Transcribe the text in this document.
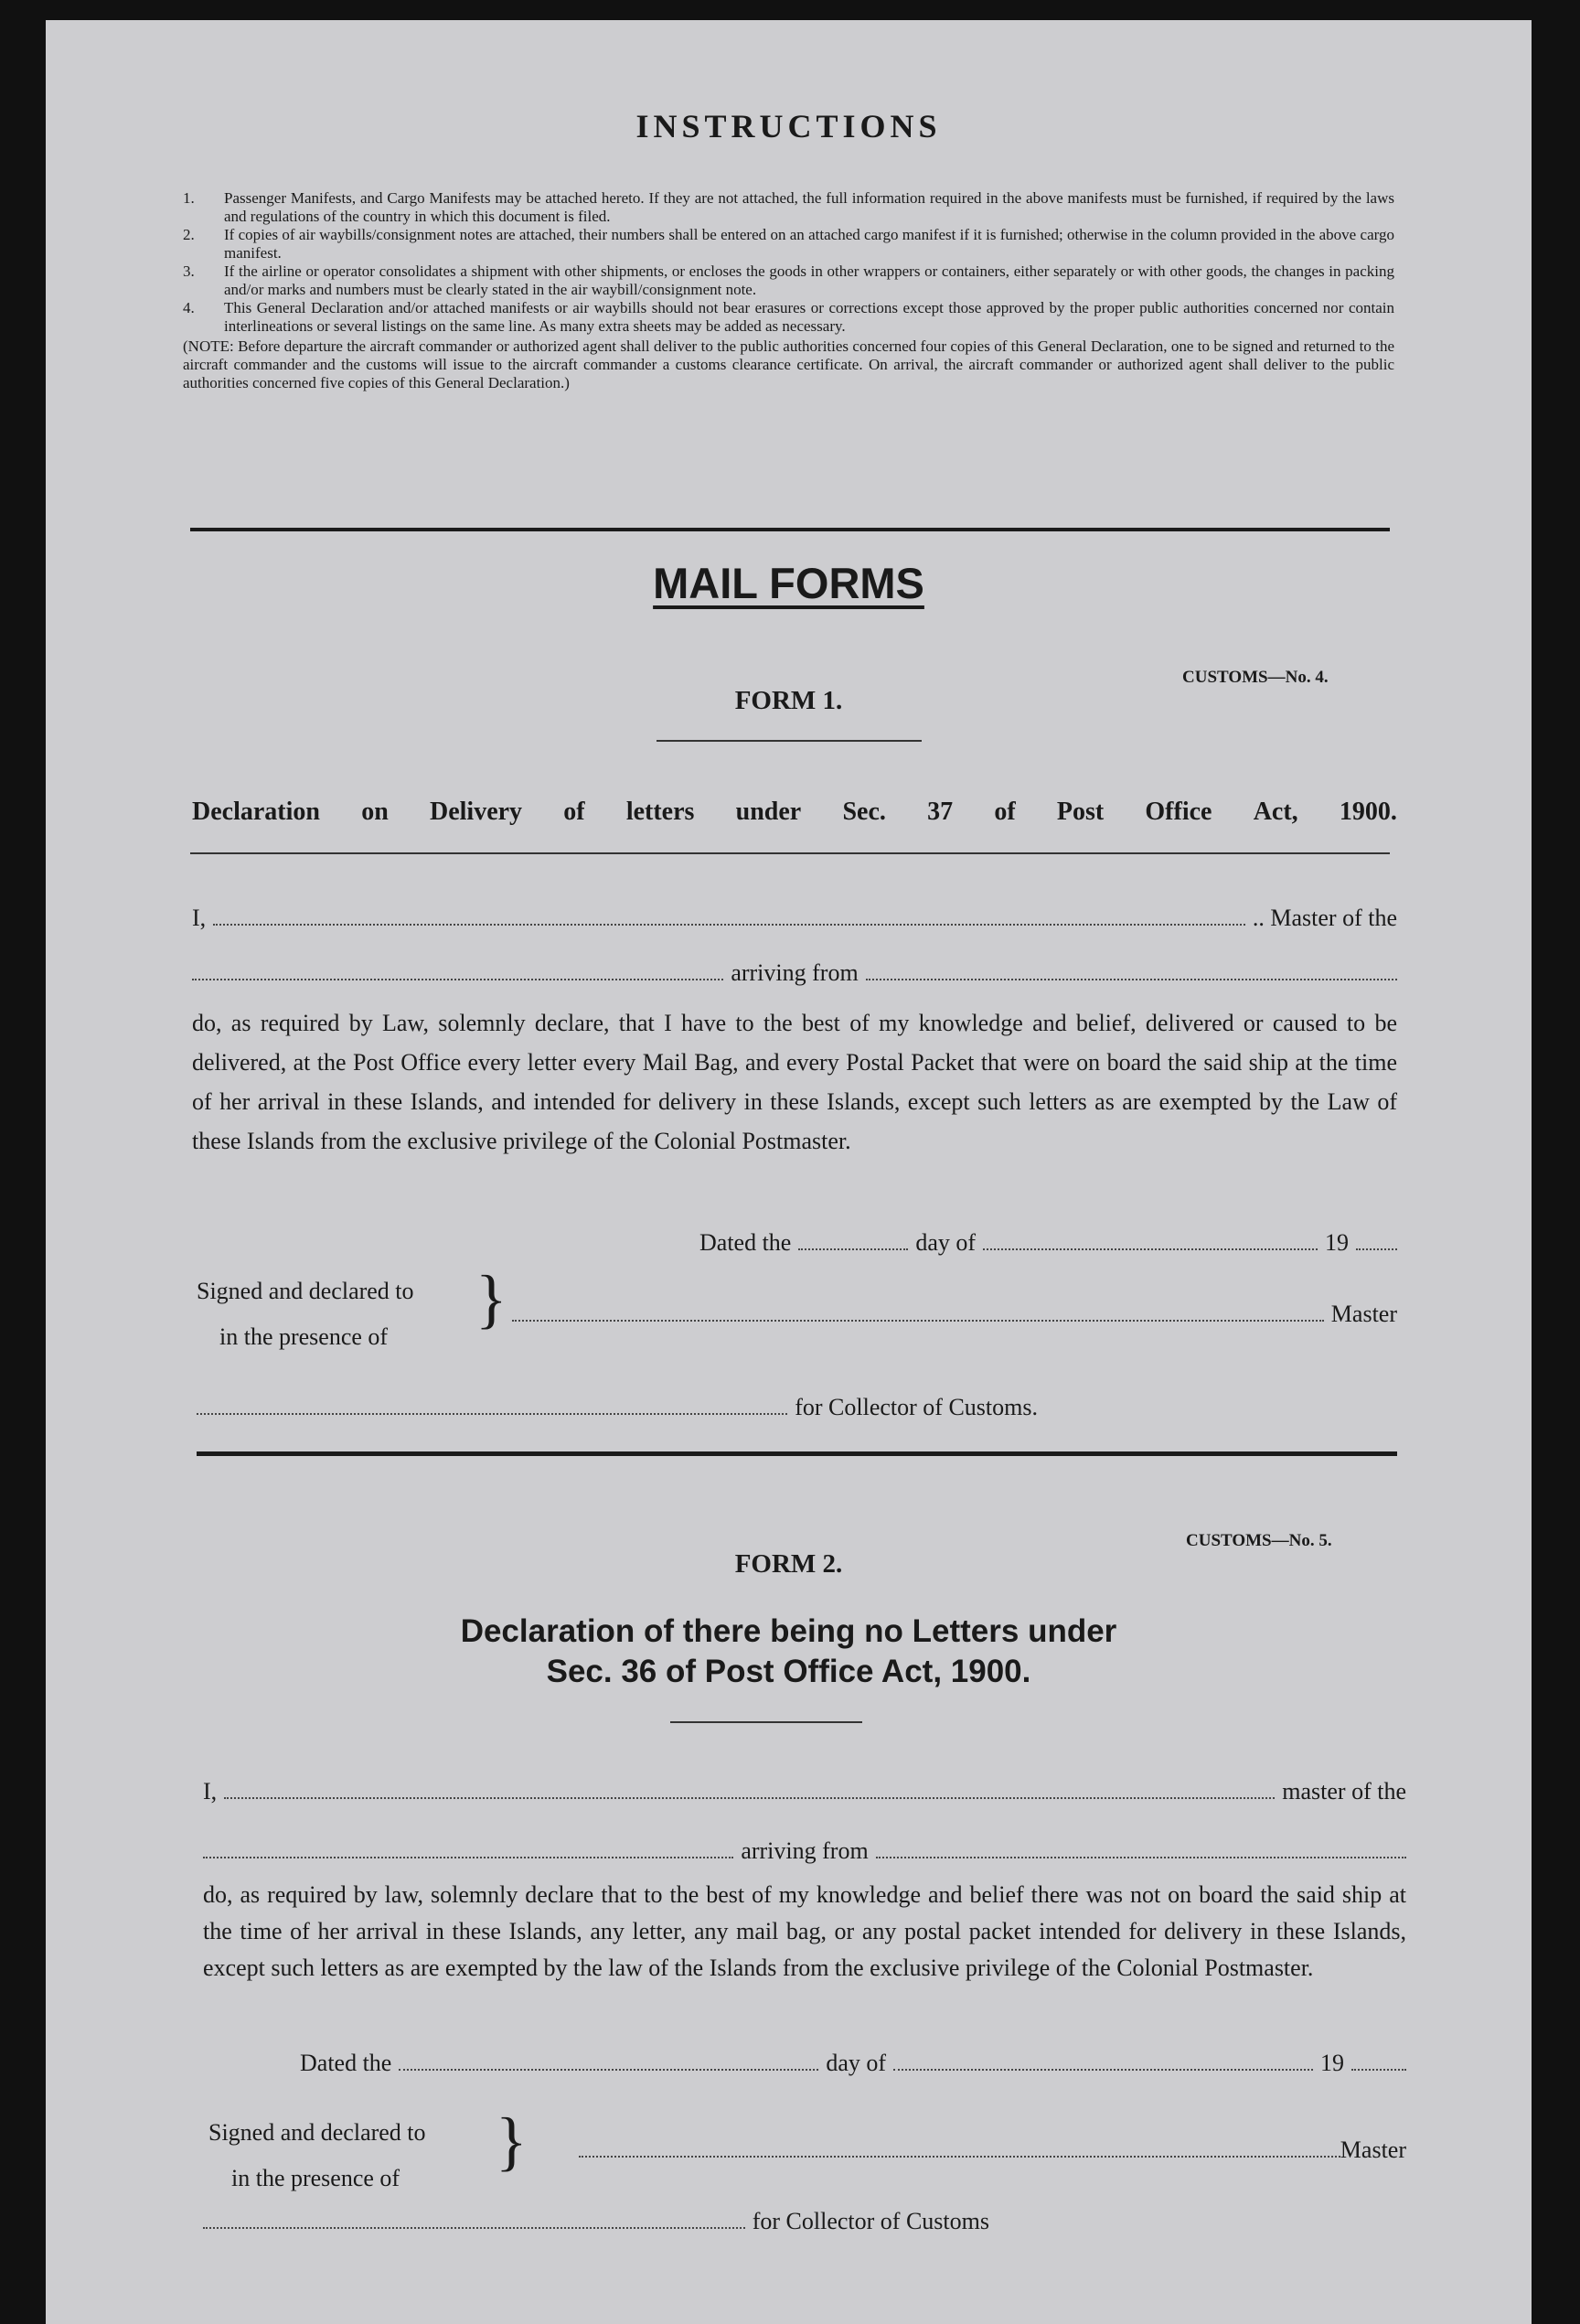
INSTRUCTIONS
1.	Passenger Manifests, and Cargo Manifests may be attached hereto. If they are not attached, the full information required in the above manifests must be furnished, if required by the laws and regulations of the country in which this document is filed.
2.	If copies of air waybills/consignment notes are attached, their numbers shall be entered on an attached cargo manifest if it is furnished; otherwise in the column provided in the above cargo manifest.
3.	If the airline or operator consolidates a shipment with other shipments, or encloses the goods in other wrappers or containers, either separately or with other goods, the changes in packing and/or marks and numbers must be clearly stated in the air waybill/consignment note.
4.	This General Declaration and/or attached manifests or air waybills should not bear erasures or corrections except those approved by the proper public authorities concerned nor contain interlineations or several listings on the same line. As many extra sheets may be added as necessary.
(NOTE: Before departure the aircraft commander or authorized agent shall deliver to the public authorities concerned four copies of this General Declaration, one to be signed and returned to the aircraft commander and the customs will issue to the aircraft commander a customs clearance certificate. On arrival, the aircraft commander or authorized agent shall deliver to the public authorities concerned five copies of this General Declaration.)
MAIL FORMS
CUSTOMS—No. 4.
FORM 1.
Declaration on Delivery of letters under Sec. 37 of Post Office Act, 1900.
I,	.. Master of the
arriving from
do, as required by Law, solemnly declare, that I have to the best of my knowledge and belief, delivered or caused to be delivered, at the Post Office every letter every Mail Bag, and every Postal Packet that were on board the said ship at the time of her arrival in these Islands, and intended for delivery in these Islands, except such letters as are exempted by the Law of these Islands from the exclusive privilege of the Colonial Postmaster.
Dated the	day of	19
Signed and declared to
in the presence of
}	Master
for Collector of Customs.
CUSTOMS—No. 5.
FORM 2.
Declaration of there being no Letters under
Sec. 36 of Post Office Act, 1900.
I,	master of the
arriving from
do, as required by law, solemnly declare that to the best of my knowledge and belief there was not on board the said ship at the time of her arrival in these Islands, any letter, any mail bag, or any postal packet intended for delivery in these Islands, except such letters as are exempted by the law of the Islands from the exclusive privilege of the Colonial Postmaster.
Dated the	day of	19
Signed and declared to
in the presence of
}	Master
for Collector of Customs
